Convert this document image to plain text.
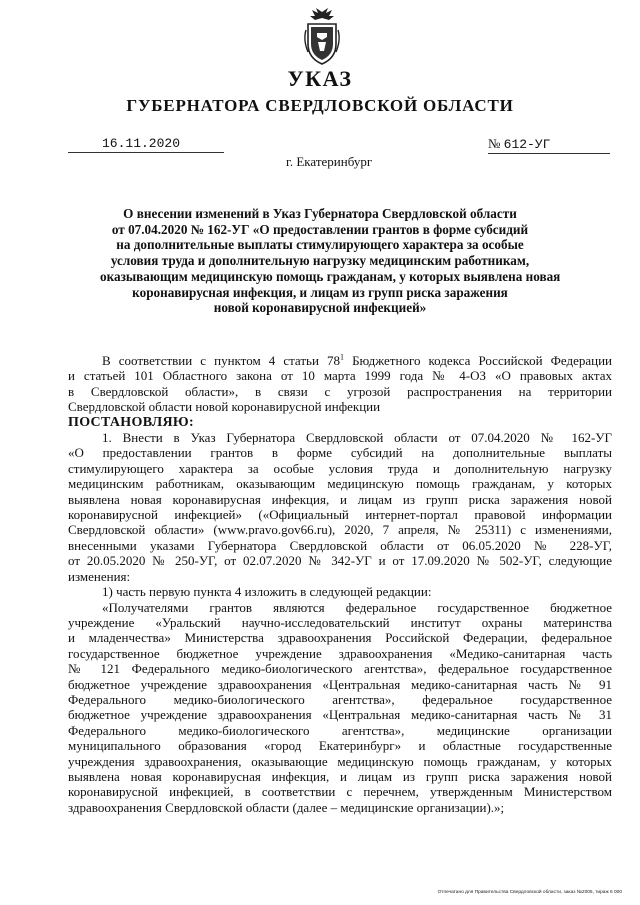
УКАЗ
ГУБЕРНАТОРА СВЕРДЛОВСКОЙ ОБЛАСТИ
16.11.2020	№ 612-УГ
г. Екатеринбург
О внесении изменений в Указ Губернатора Свердловской области
от 07.04.2020 № 162-УГ «О предоставлении грантов в форме субсидий
на дополнительные выплаты стимулирующего характера за особые
условия труда и дополнительную нагрузку медицинским работникам,
оказывающим медицинскую помощь гражданам, у которых выявлена новая
коронавирусная инфекция, и лицам из групп риска заражения
новой коронавирусной инфекцией»
В соответствии с пунктом 4 статьи $78^1$ Бюджетного кодекса Российской Федерации
и статьей 101 Областного закона от 10 марта 1999 года № 4-ОЗ «О правовых актах
в Свердловской области», в связи с угрозой распространения на территории
Свердловской области новой коронавирусной инфекции
ПОСТАНОВЛЯЮ:
1. Внести в Указ Губернатора Свердловской области от 07.04.2020 № 162-УГ
«О предоставлении грантов в форме субсидий на дополнительные выплаты
стимулирующего характера за особые условия труда и дополнительную нагрузку
медицинским работникам, оказывающим медицинскую помощь гражданам, у которых
выявлена новая коронавирусная инфекция, и лицам из групп риска заражения новой
коронавирусной инфекцией» («Официальный интернет-портал правовой информации
Свердловской области» (www.pravo.gov66.ru), 2020, 7 апреля, № 25311) с изменениями,
внесенными указами Губернатора Свердловской области от 06.05.2020 № 228-УГ,
от 20.05.2020 № 250-УГ, от 02.07.2020 № 342-УГ и от 17.09.2020 № 502-УГ, следующие
изменения:
1) часть первую пункта 4 изложить в следующей редакции:
«Получателями грантов являются федеральное государственное бюджетное
учреждение «Уральский научно-исследовательский институт охраны материнства
и младенчества» Министерства здравоохранения Российской Федерации, федеральное
государственное бюджетное учреждение здравоохранения «Медико-санитарная часть
№ 121 Федерального медико-биологического агентства», федеральное государственное
бюджетное учреждение здравоохранения «Центральная медико-санитарная часть № 91
Федерального медико-биологического агентства», федеральное государственное
бюджетное учреждение здравоохранения «Центральная медико-санитарная часть № 31
Федерального медико-биологического агентства», медицинские организации
муниципального образования «город Екатеринбург» и областные государственные
учреждения здравоохранения, оказывающие медицинскую помощь гражданам, у которых
выявлена новая коронавирусная инфекция, и лицам из групп риска заражения новой
коронавирусной инфекцией, в соответствии с перечнем, утвержденным Министерством
здравоохранения Свердловской области (далее – медицинские организации).»;
Отпечатано для Правительства Свердловской области, заказ №2005, тираж 6 000
